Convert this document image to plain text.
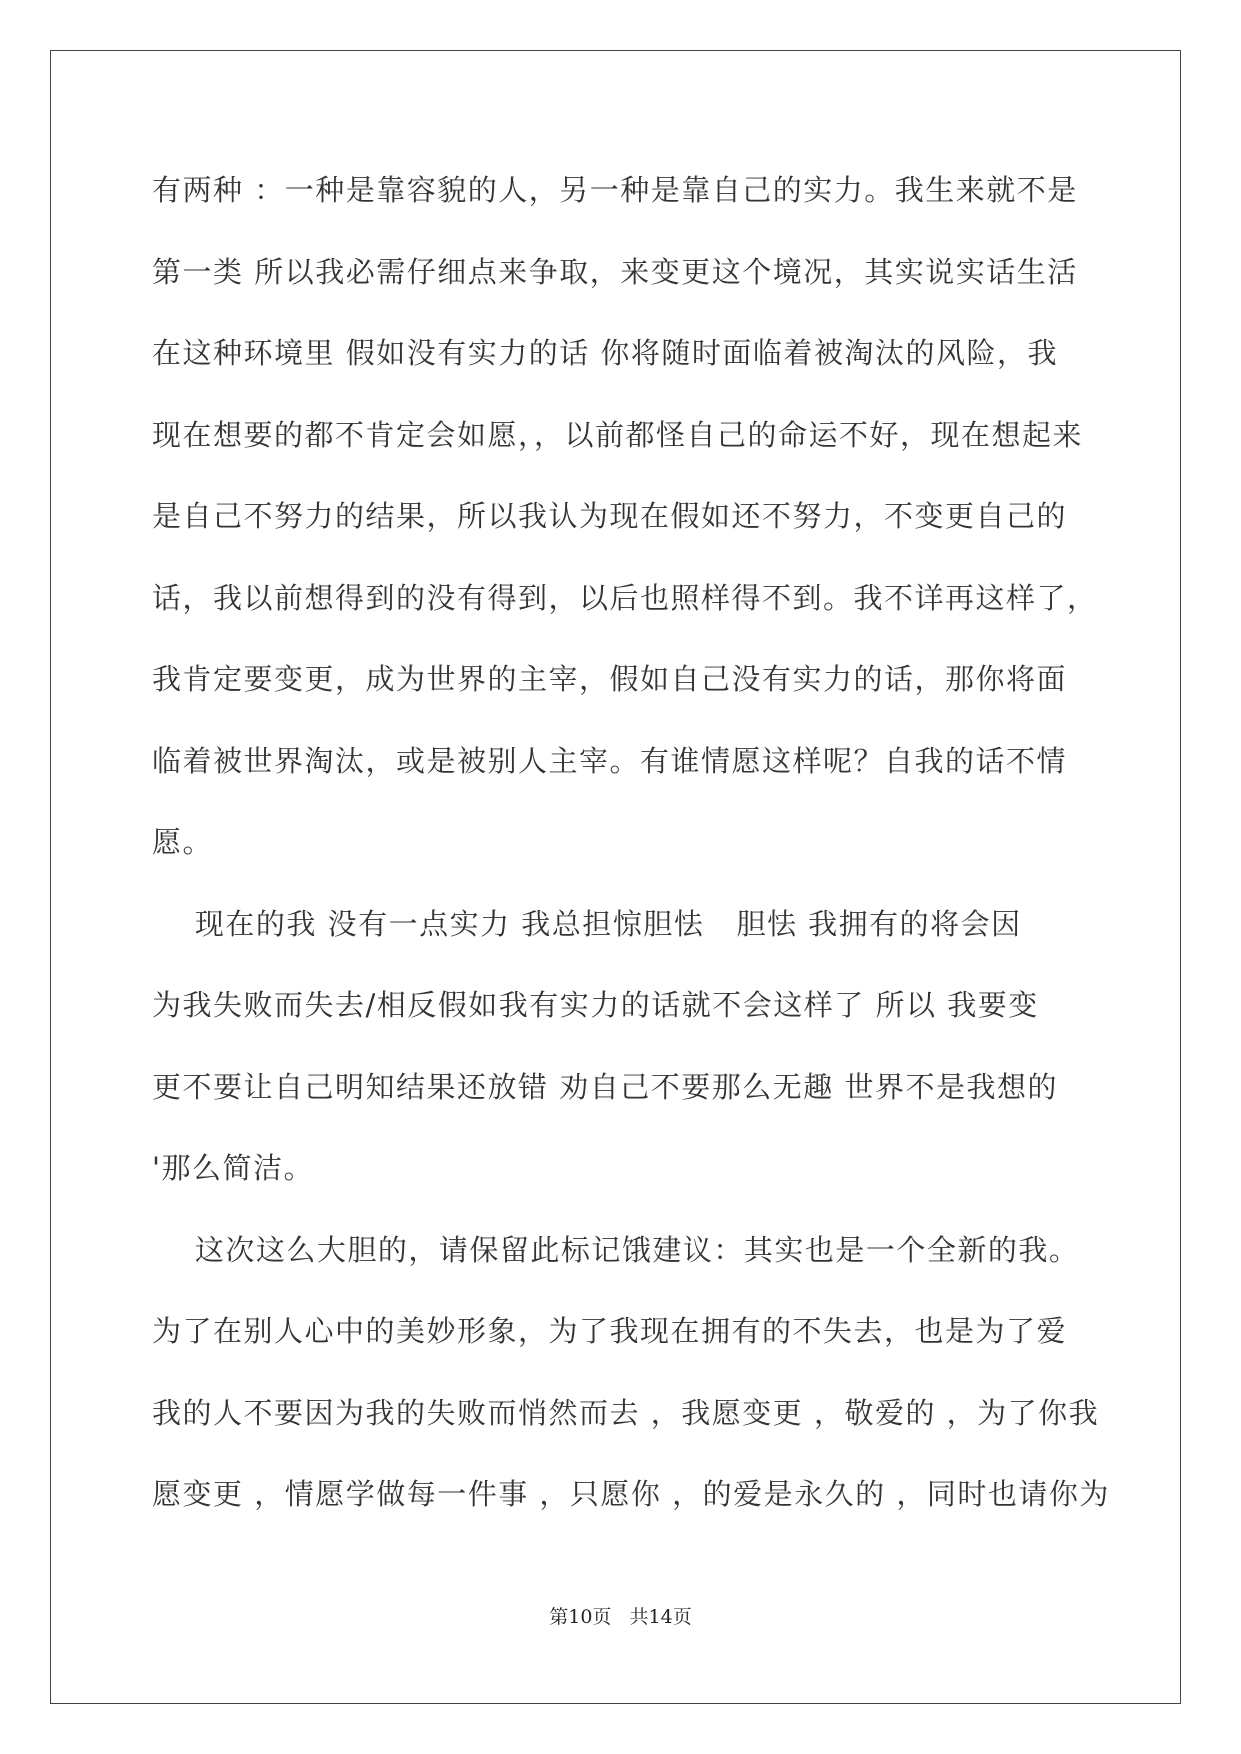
有两种 ：一种是靠容貌的人，另一种是靠自己的实力。我生来就不是
第一类 所以我必需仔细点来争取，来变更这个境况，其实说实话生活
在这种环境里 假如没有实力的话 你将随时面临着被淘汰的风险，我
现在想要的都不肯定会如愿，，以前都怪自己的命运不好，现在想起来
是自己不努力的结果，所以我认为现在假如还不努力，不变更自己的
话，我以前想得到的没有得到，以后也照样得不到。我不详再这样了，
我肯定要变更，成为世界的主宰，假如自己没有实力的话，那你将面
临着被世界淘汰，或是被别人主宰。有谁情愿这样呢？自我的话不情
愿。
现在的我 没有一点实力 我总担惊胆怯   胆怯 我拥有的将会因
为我失败而失去/相反假如我有实力的话就不会这样了 所以 我要变
更不要让自己明知结果还放错 劝自己不要那么无趣 世界不是我想的
'那么简洁。
这次这么大胆的，请保留此标记饿建议：其实也是一个全新的我。
为了在别人心中的美妙形象，为了我现在拥有的不失去，也是为了爱
我的人不要因为我的失败而悄然而去 ，我愿变更 ，敬爱的 ，为了你我
愿变更 ，情愿学做每一件事 ，只愿你 ，的爱是永久的 ，同时也请你为
第10页   共14页
